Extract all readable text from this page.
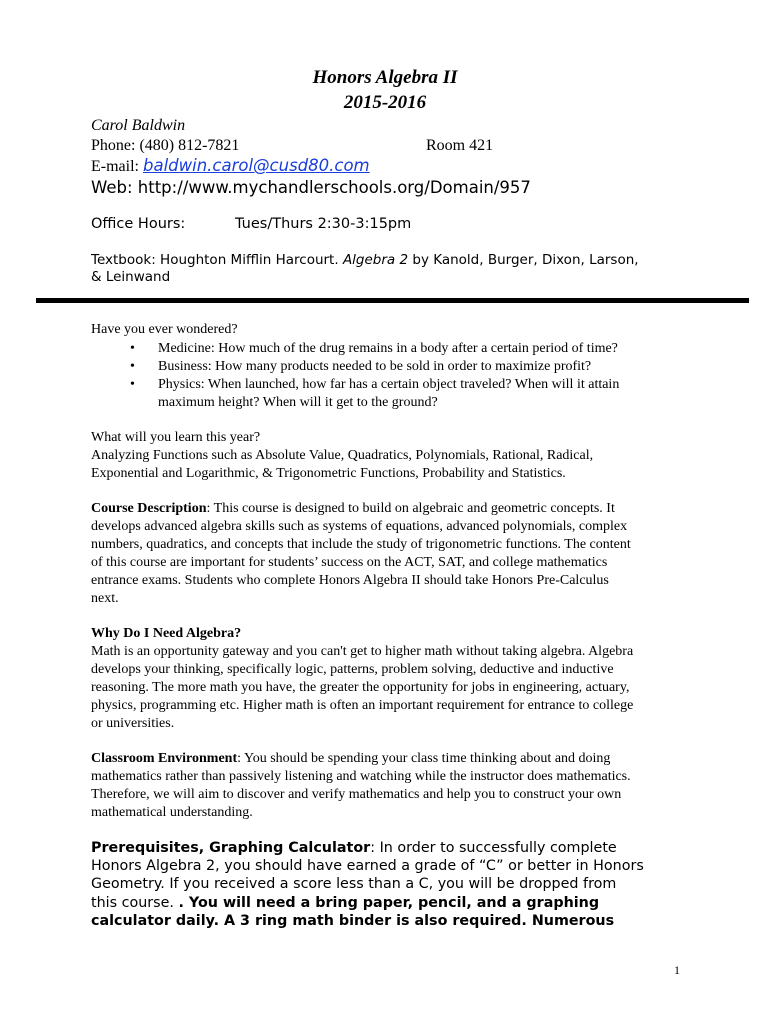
Honors Algebra II
2015-2016
Carol Baldwin
Phone: (480) 812-7821	Room 421
E-mail: baldwin.carol@cusd80.com
Web: http://www.mychandlerschools.org/Domain/957
Office Hours:	Tues/Thurs 2:30-3:15pm
Textbook: Houghton Mifflin Harcourt. Algebra 2 by Kanold, Burger, Dixon, Larson,
& Leinwand
Have you ever wondered?
• Medicine: How much of the drug remains in a body after a certain period of time?
• Business: How many products needed to be sold in order to maximize profit?
• Physics: When launched, how far has a certain object traveled? When will it attain
maximum height? When will it get to the ground?

What will you learn this year?

Analyzing Functions such as Absolute Value, Quadratics, Polynomials, Rational, Radical,

Exponential and Logarithmic, & Trigonometric Functions, Probability and Statistics.

Course Description: This course is designed to build on algebraic and geometric concepts. It

develops advanced algebra skills such as systems of equations, advanced polynomials, complex

numbers, quadratics, and concepts that include the study of trigonometric functions. The content

of this course are important for students’ success on the ACT, SAT, and college mathematics

entrance exams. Students who complete Honors Algebra II should take Honors Pre-Calculus

next.

Why Do I Need Algebra?

Math is an opportunity gateway and you can't get to higher math without taking algebra. Algebra

develops your thinking, specifically logic, patterns, problem solving, deductive and inductive

reasoning. The more math you have, the greater the opportunity for jobs in engineering, actuary,

physics, programming etc. Higher math is often an important requirement for entrance to college

or universities.

Classroom Environment: You should be spending your class time thinking about and doing

mathematics rather than passively listening and watching while the instructor does mathematics.

Therefore, we will aim to discover and verify mathematics and help you to construct your own

mathematical understanding.

Prerequisites, Graphing Calculator: In order to successfully complete

Honors Algebra 2, you should have earned a grade of “C” or better in Honors

Geometry. If you received a score less than a C, you will be dropped from

this course. . You will need a bring paper, pencil, and a graphing

calculator daily. A 3 ring math binder is also required. Numerous

1
